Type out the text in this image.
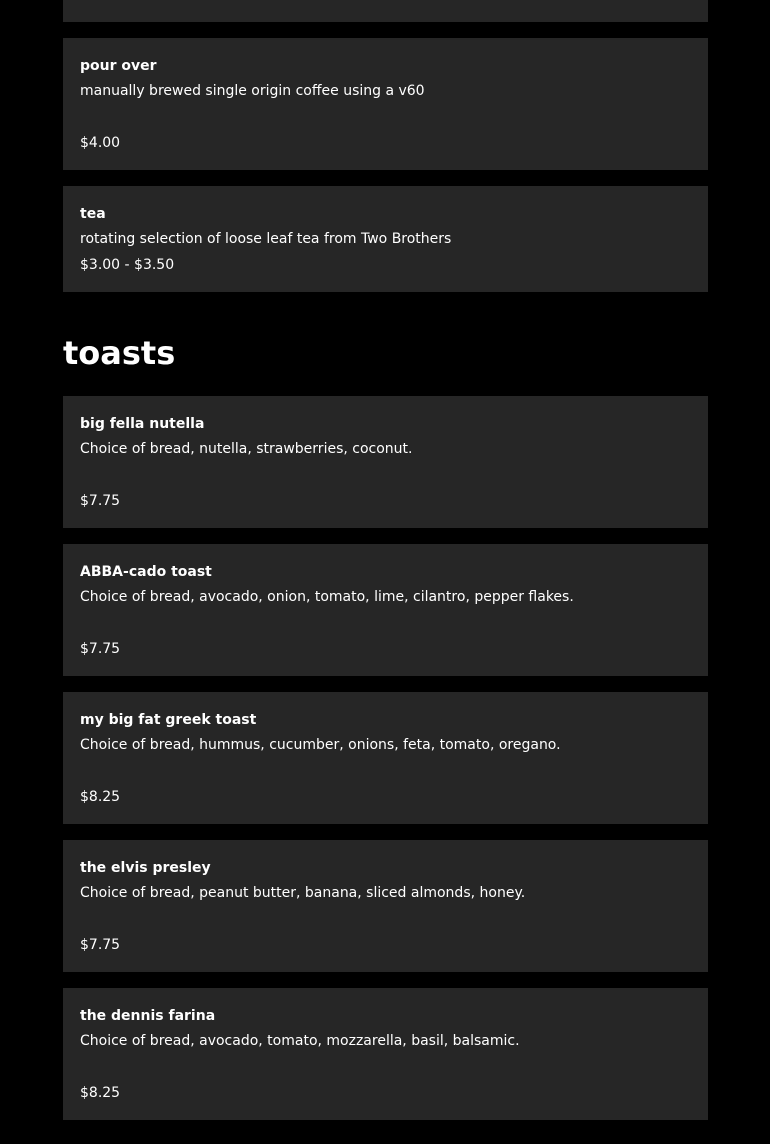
pour over
manually brewed single origin coffee using a v60
$4.00
tea
rotating selection of loose leaf tea from Two Brothers
$3.00 - $3.50
toasts
big fella nutella
Choice of bread, nutella, strawberries, coconut.
$7.75
ABBA-cado toast
Choice of bread, avocado, onion, tomato, lime, cilantro, pepper flakes.
$7.75
my big fat greek toast
Choice of bread, hummus, cucumber, onions, feta, tomato, oregano.
$8.25
the elvis presley
Choice of bread, peanut butter, banana, sliced almonds, honey.
$7.75
the dennis farina
Choice of bread, avocado, tomato, mozzarella, basil, balsamic.
$8.25
